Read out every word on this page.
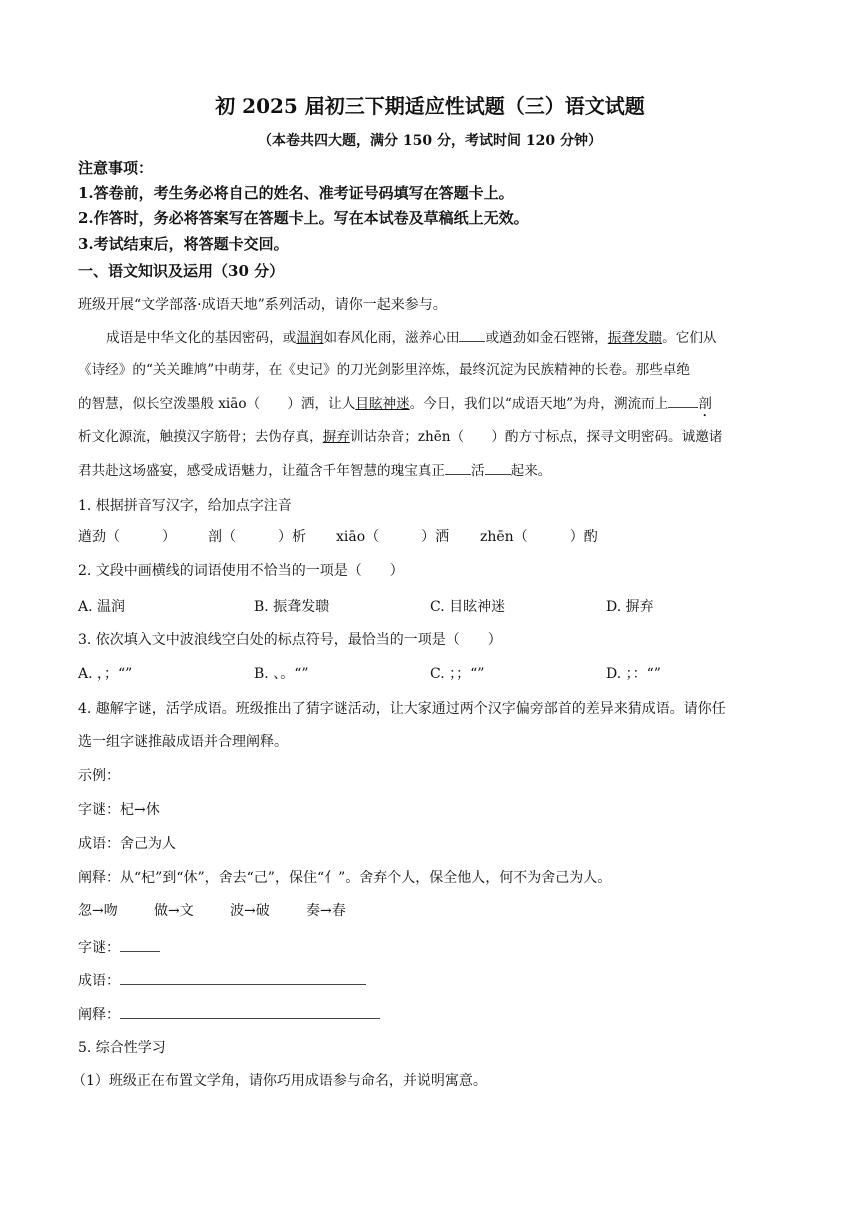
初 2025 届初三下期适应性试题（三）语文试题
（本卷共四大题，满分 150 分，考试时间 120 分钟）
注意事项：
1.答卷前，考生务必将自己的姓名、准考证号码填写在答题卡上。
2.作答时，务必将答案写在答题卡上。写在本试卷及草稿纸上无效。
3.考试结束后，将答题卡交回。
一、语文知识及运用（30 分）
班级开展“文学部落·成语天地”系列活动，请你一起来参与。
成语是中华文化的基因密码，或温润如春风化雨，滋养心田 或遒劲如金石铿锵，振聋发聩。它们从
《诗经》的“关关雎鸠”中萌芽，在《史记》的刀光剑影里淬炼，最终沉淀为民族精神的长卷。那些卓绝
的智慧，似长空泼墨般 xiāo（　　）洒，让人目眩神迷。今日，我们以“成语天地”为舟，溯流而上 剖
析文化源流，触摸汉字筋骨；去伪存真，摒弃训诂杂音；zhēn（　　）酌方寸标点，探寻文明密码。诚邀诸
君共赴这场盛宴，感受成语魅力，让蕴含千年智慧的瑰宝真正 活 起来。
1. 根据拼音写汉字，给加点字注音
遒劲（　　　） 剖（　　　）析 xiāo（　　　）洒 zhēn（　　　）酌
2. 文段中画横线的词语使用不恰当的一项是（　　）
A. 温润	B. 振聋发聩	C. 目眩神迷	D. 摒弃
3. 依次填入文中波浪线空白处的标点符号，最恰当的一项是（　　）
A. ，；“”	B. 、。“”	C. ；；“”	D. ；：“”
4. 趣解字谜，活学成语。班级推出了猜字谜活动，让大家通过两个汉字偏旁部首的差异来猜成语。请你任
选一组字谜推敲成语并合理阐释。
示例：
字谜：杞→休
成语：舍己为人
阐释：从“杞”到“休”，舍去“己”，保住“亻”。舍弃个人，保全他人，何不为舍己为人。
忽→吻	做→文	波→破	奏→春
字谜：
成语：
阐释：
5. 综合性学习
（1）班级正在布置文学角，请你巧用成语参与命名，并说明寓意。
